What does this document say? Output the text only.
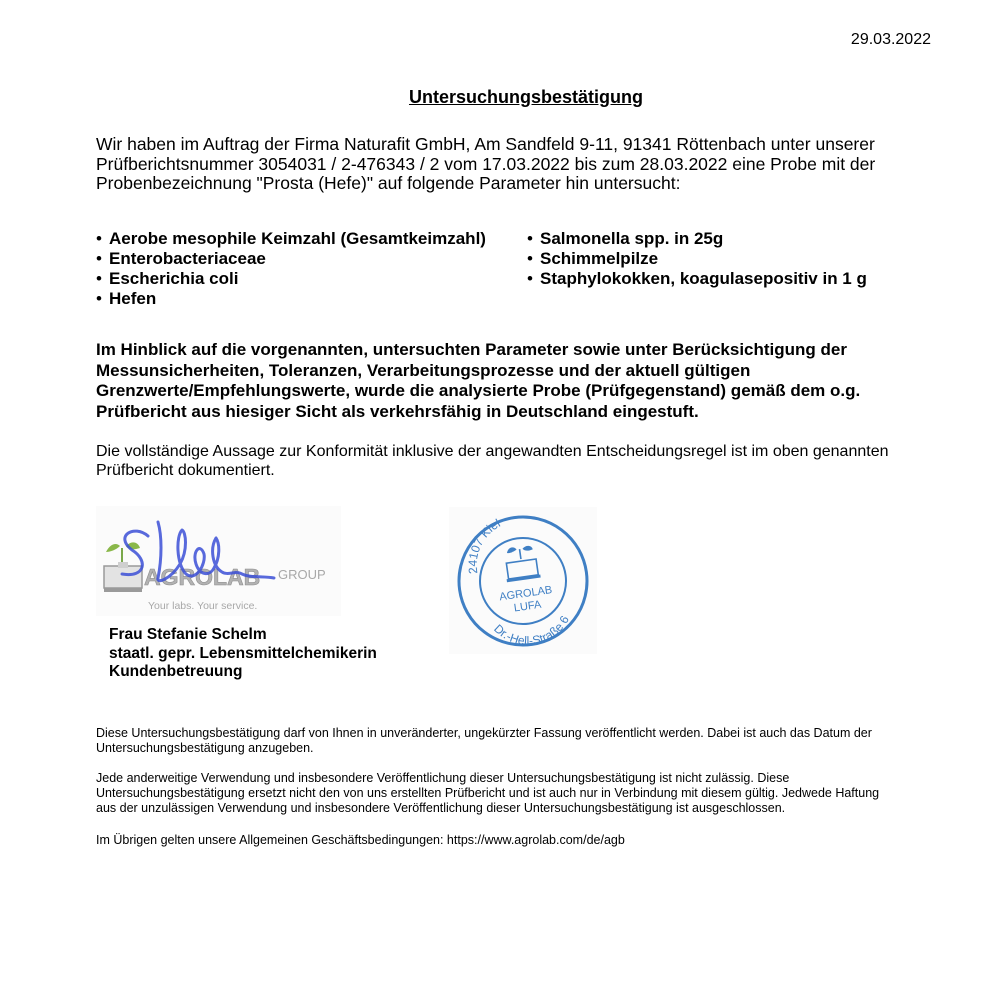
29.03.2022
Untersuchungsbestätigung

Wir haben im Auftrag der Firma Naturafit GmbH, Am Sandfeld 9-11, 91341 Röttenbach unter unserer

Prüfberichtsnummer 3054031 / 2-476343 / 2 vom 17.03.2022 bis zum 28.03.2022 eine Probe mit der

Probenbezeichnung "Prosta (Hefe)" auf folgende Parameter hin untersucht:

• Aerobe mesophile Keimzahl (Gesamtkeimzahl)
• Enterobacteriaceae
• Escherichia coli
• Hefen
• Salmonella spp. in 25g
• Schimmelpilze
• Staphylokokken, koagulasepositiv in 1 g

Im Hinblick auf die vorgenannten, untersuchten Parameter sowie unter Berücksichtigung der

Messunsicherheiten, Toleranzen, Verarbeitungsprozesse und der aktuell gültigen

Grenzwerte/Empfehlungswerte, wurde die analysierte Probe (Prüfgegenstand) gemäß dem o.g.

Prüfbericht aus hiesiger Sicht als verkehrsfähig in Deutschland eingestuft.

Die vollständige Aussage zur Konformität inklusive der angewandten Entscheidungsregel ist im oben genannten

Prüfbericht dokumentiert.

AGROLAB GROUP
Your labs. Your service.
24107 Kiel
Dr.-Hell-Straße 6
AGROLAB
LUFA
Frau Stefanie Schelm
staatl. gepr. Lebensmittelchemikerin
Kundenbetreuung

Diese Untersuchungsbestätigung darf von Ihnen in unveränderter, ungekürzter Fassung veröffentlicht werden. Dabei ist auch das Datum der

Untersuchungsbestätigung anzugeben.

Jede anderweitige Verwendung und insbesondere Veröffentlichung dieser Untersuchungsbestätigung ist nicht zulässig. Diese

Untersuchungsbestätigung ersetzt nicht den von uns erstellten Prüfbericht und ist auch nur in Verbindung mit diesem gültig. Jedwede Haftung

aus der unzulässigen Verwendung und insbesondere Veröffentlichung dieser Untersuchungsbestätigung ist ausgeschlossen.

Im Übrigen gelten unsere Allgemeinen Geschäftsbedingungen: https://www.agrolab.com/de/agb
